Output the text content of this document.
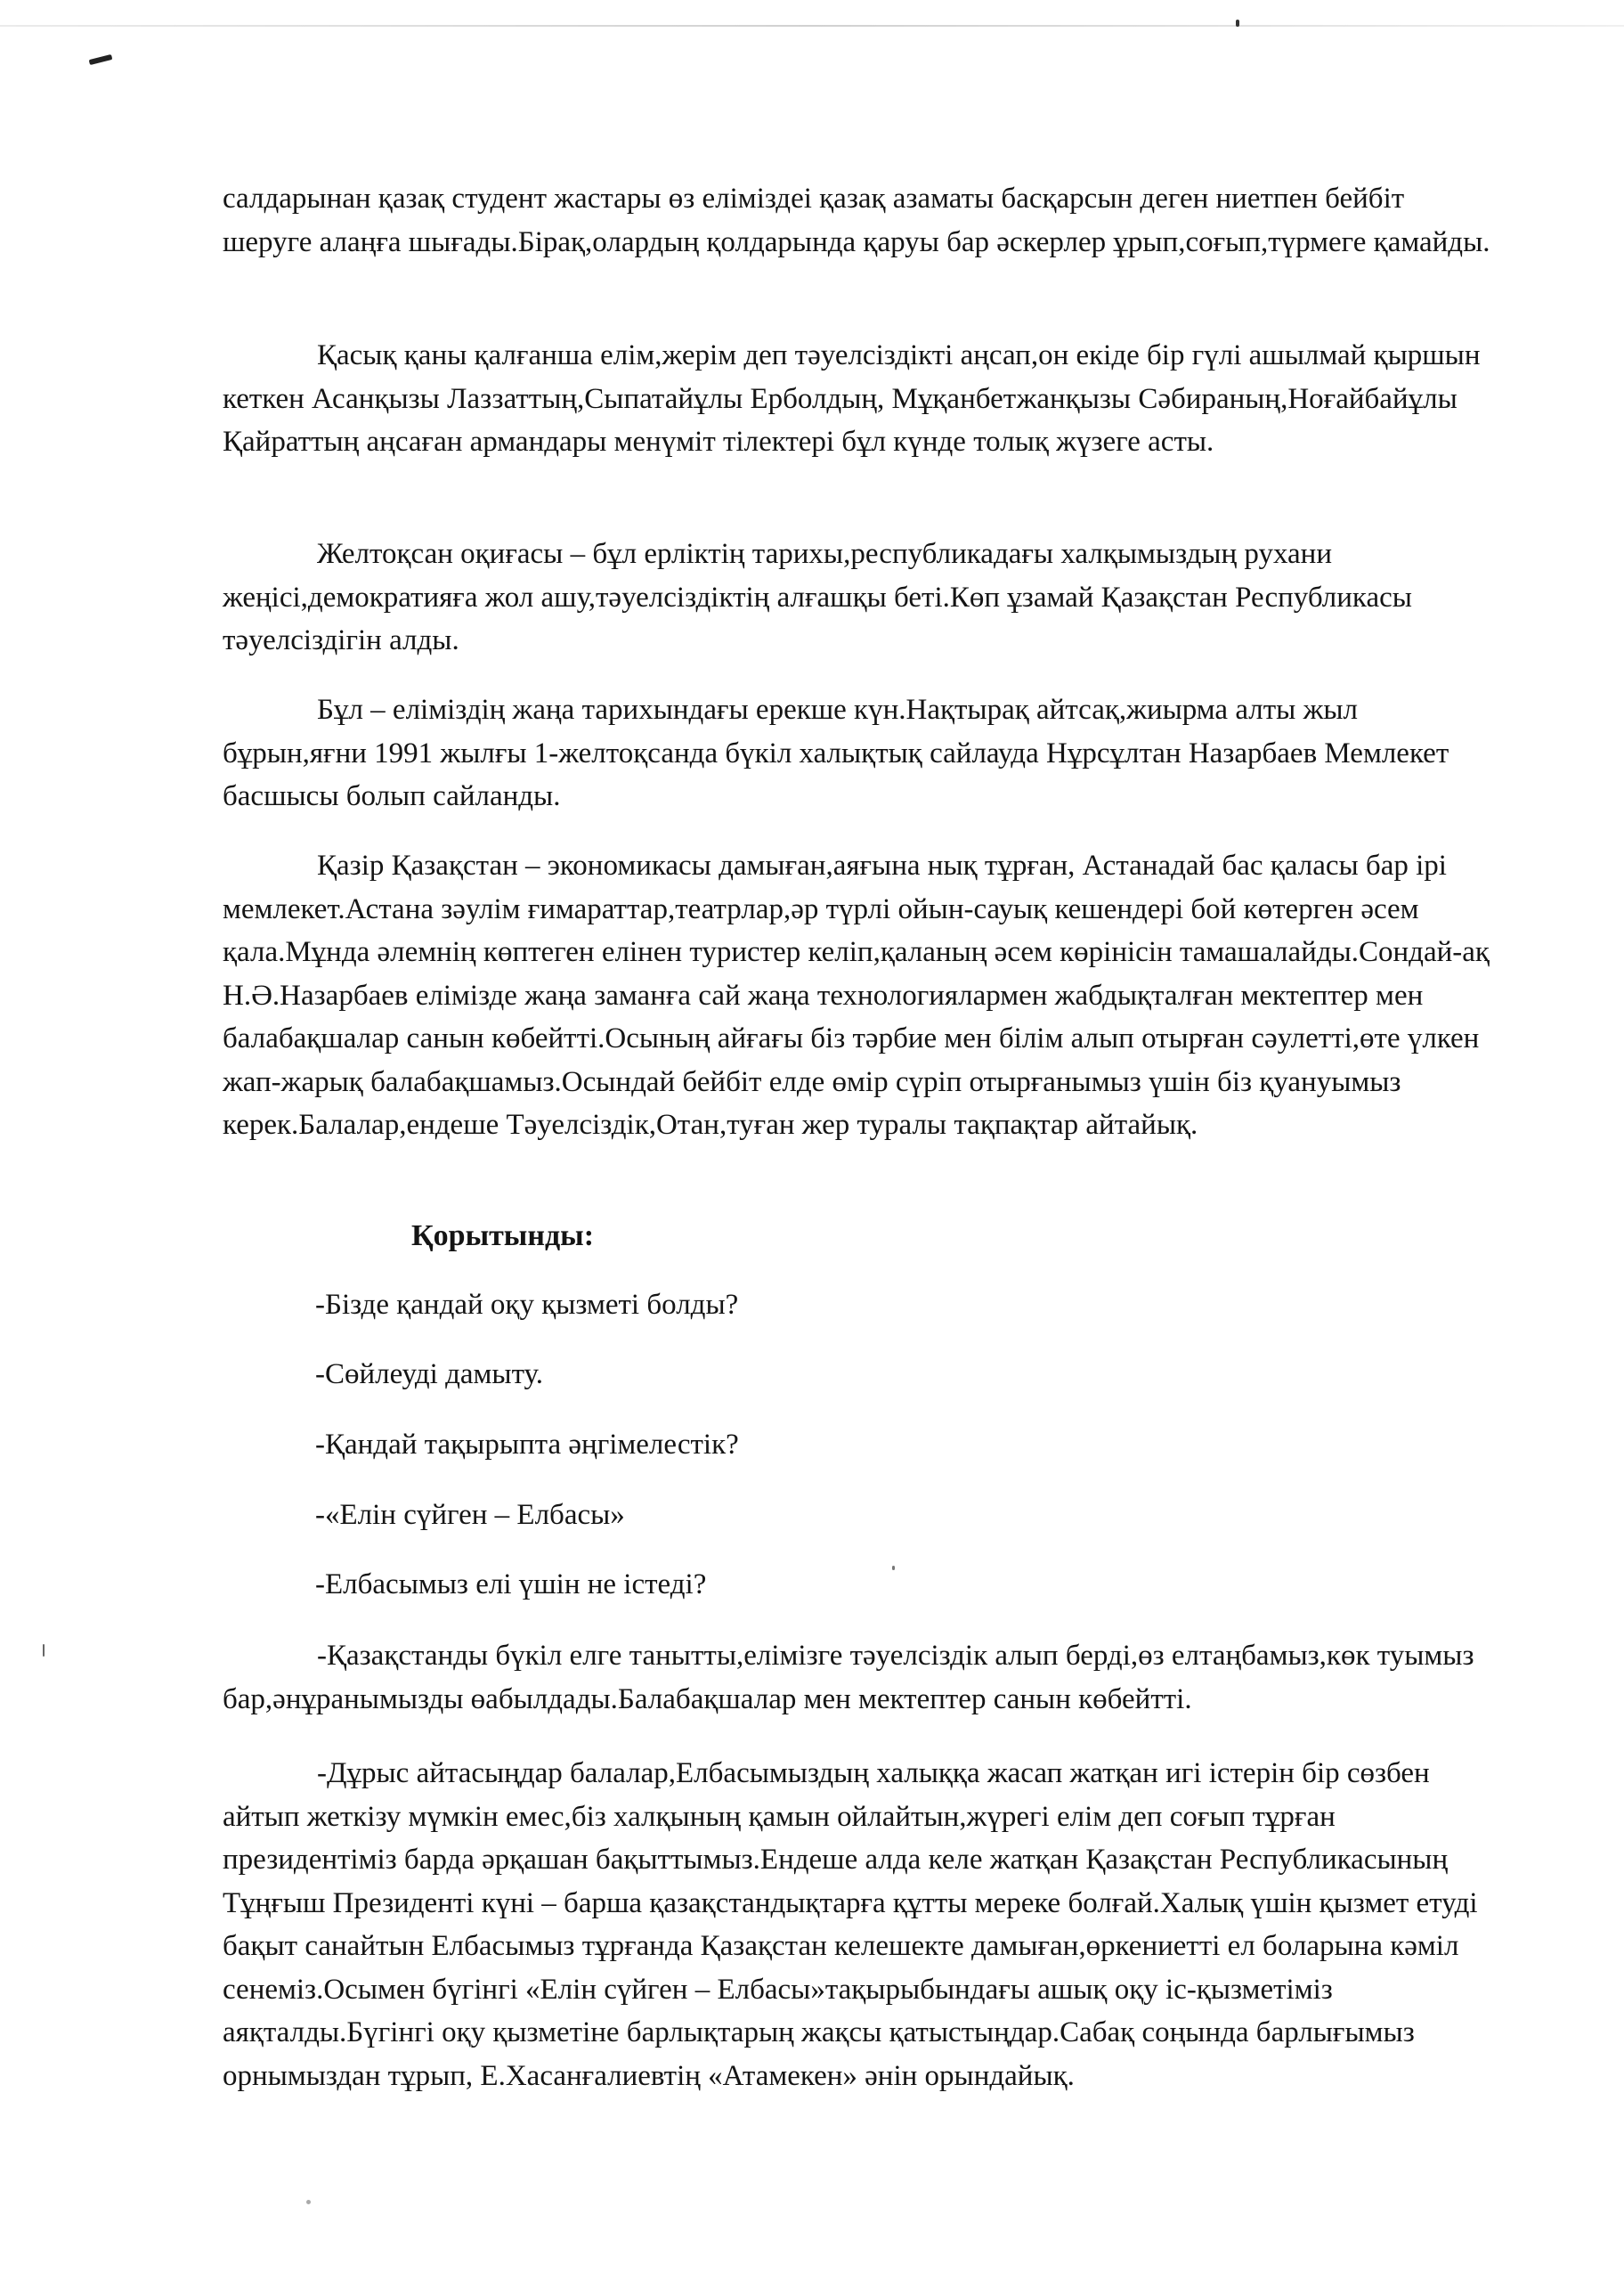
салдарынан қазақ студент жастары өз еліміздеі қазақ азаматы басқарсын деген ниетпен бейбіт шеруге алаңға шығады.Бірақ,олардың қолдарында қаруы бар әскерлер ұрып,соғып,түрмеге қамайды.

Қасық қаны қалғанша елім,жерім деп тәуелсіздікті аңсап,он екіде бір гүлі ашылмай қыршын кеткен Асанқызы Лаззаттың,Сыпатайұлы Ерболдың, Мұқанбетжанқызы Сәбираның,Ноғайбайұлы Қайраттың аңсаған армандары менүміт тілектері бұл күнде толық жүзеге асты.

Желтоқсан оқиғасы – бұл ерліктің тарихы,республикадағы халқымыздың рухани жеңісі,демократияға жол ашу,тәуелсіздіктің алғашқы беті.Көп ұзамай Қазақстан Республикасы тәуелсіздігін алды.

Бұл – еліміздің жаңа тарихындағы ерекше күн.Нақтырақ айтсақ,жиырма алты жыл бұрын,яғни 1991 жылғы 1-желтоқсанда бүкіл халықтық сайлауда Нұрсұлтан Назарбаев Мемлекет басшысы болып сайланды.

Қазір Қазақстан – экономикасы дамыған,аяғына нық тұрған, Астанадай бас қаласы бар ірі мемлекет.Астана зәулім ғимараттар,театрлар,әр түрлі ойын-сауық кешендері бой көтерген әсем қала.Мұнда әлемнің көптеген елінен туристер келіп,қаланың әсем көрінісін тамашалайды.Сондай-ақ Н.Ә.Назарбаев елімізде жаңа заманға сай жаңа технологиялармен жабдықталған мектептер мен балабақшалар санын көбейтті.Осының айғағы біз тәрбие мен білім алып отырған сәулетті,өте үлкен жап-жарық балабақшамыз.Осындай бейбіт елде өмір сүріп отырғанымыз үшін біз қуануымыз керек.Балалар,ендеше Тәуелсіздік,Отан,туған жер туралы тақпақтар айтайық.

Қорытынды:

-Бізде қандай оқу қызметі болды?

-Сөйлеуді дамыту.

-Қандай тақырыпта әңгімелестік?

-«Елін сүйген – Елбасы»

-Елбасымыз елі үшін не істеді?

-Қазақстанды бүкіл елге танытты,елімізге тәуелсіздік алып берді,өз елтаңбамыз,көк туымыз бар,әнұранымызды өабылдады.Балабақшалар мен мектептер санын көбейтті.

-Дұрыс айтасыңдар балалар,Елбасымыздың халыққа жасап жатқан игі істерін бір сөзбен айтып жеткізу мүмкін емес,біз халқының қамын ойлайтын,жүрегі елім деп соғып тұрған президентіміз барда әрқашан бақыттымыз.Ендеше алда келе жатқан Қазақстан Республикасының Тұңғыш Президенті күні – барша қазақстандықтарға құтты мереке болғай.Халық үшін қызмет етуді бақыт санайтын Елбасымыз тұрғанда Қазақстан келешекте дамыған,өркениетті ел боларына кәміл сенеміз.Осымен бүгінгі «Елін сүйген – Елбасы»тақырыбындағы ашық оқу іс-қызметіміз аяқталды.Бүгінгі оқу қызметіне барлықтарың жақсы қатыстыңдар.Сабақ соңында барлығымыз орнымыздан тұрып, Е.Хасанғалиевтің «Атамекен» әнін орындайық.
